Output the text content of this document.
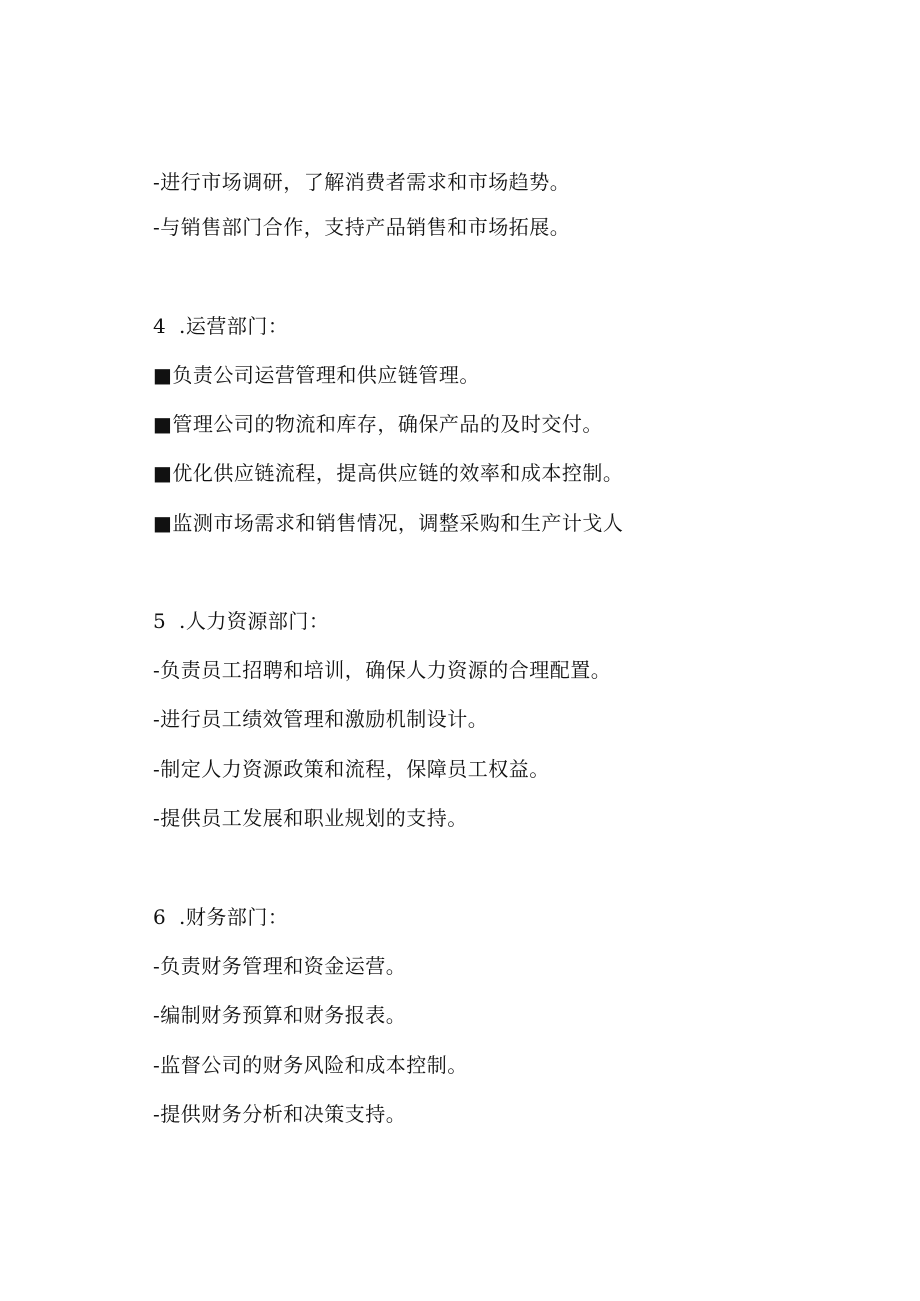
-进行市场调研，了解消费者需求和市场趋势。
-与销售部门合作，支持产品销售和市场拓展。
4 .运营部门：
■负责公司运营管理和供应链管理。
■管理公司的物流和库存，确保产品的及时交付。
■优化供应链流程，提高供应链的效率和成本控制。
■监测市场需求和销售情况，调整采购和生产计戈人
5 .人力资源部门：
-负责员工招聘和培训，确保人力资源的合理配置。
-进行员工绩效管理和激励机制设计。
-制定人力资源政策和流程，保障员工权益。
-提供员工发展和职业规划的支持。
6 .财务部门：
-负责财务管理和资金运营。
-编制财务预算和财务报表。
-监督公司的财务风险和成本控制。
-提供财务分析和决策支持。
